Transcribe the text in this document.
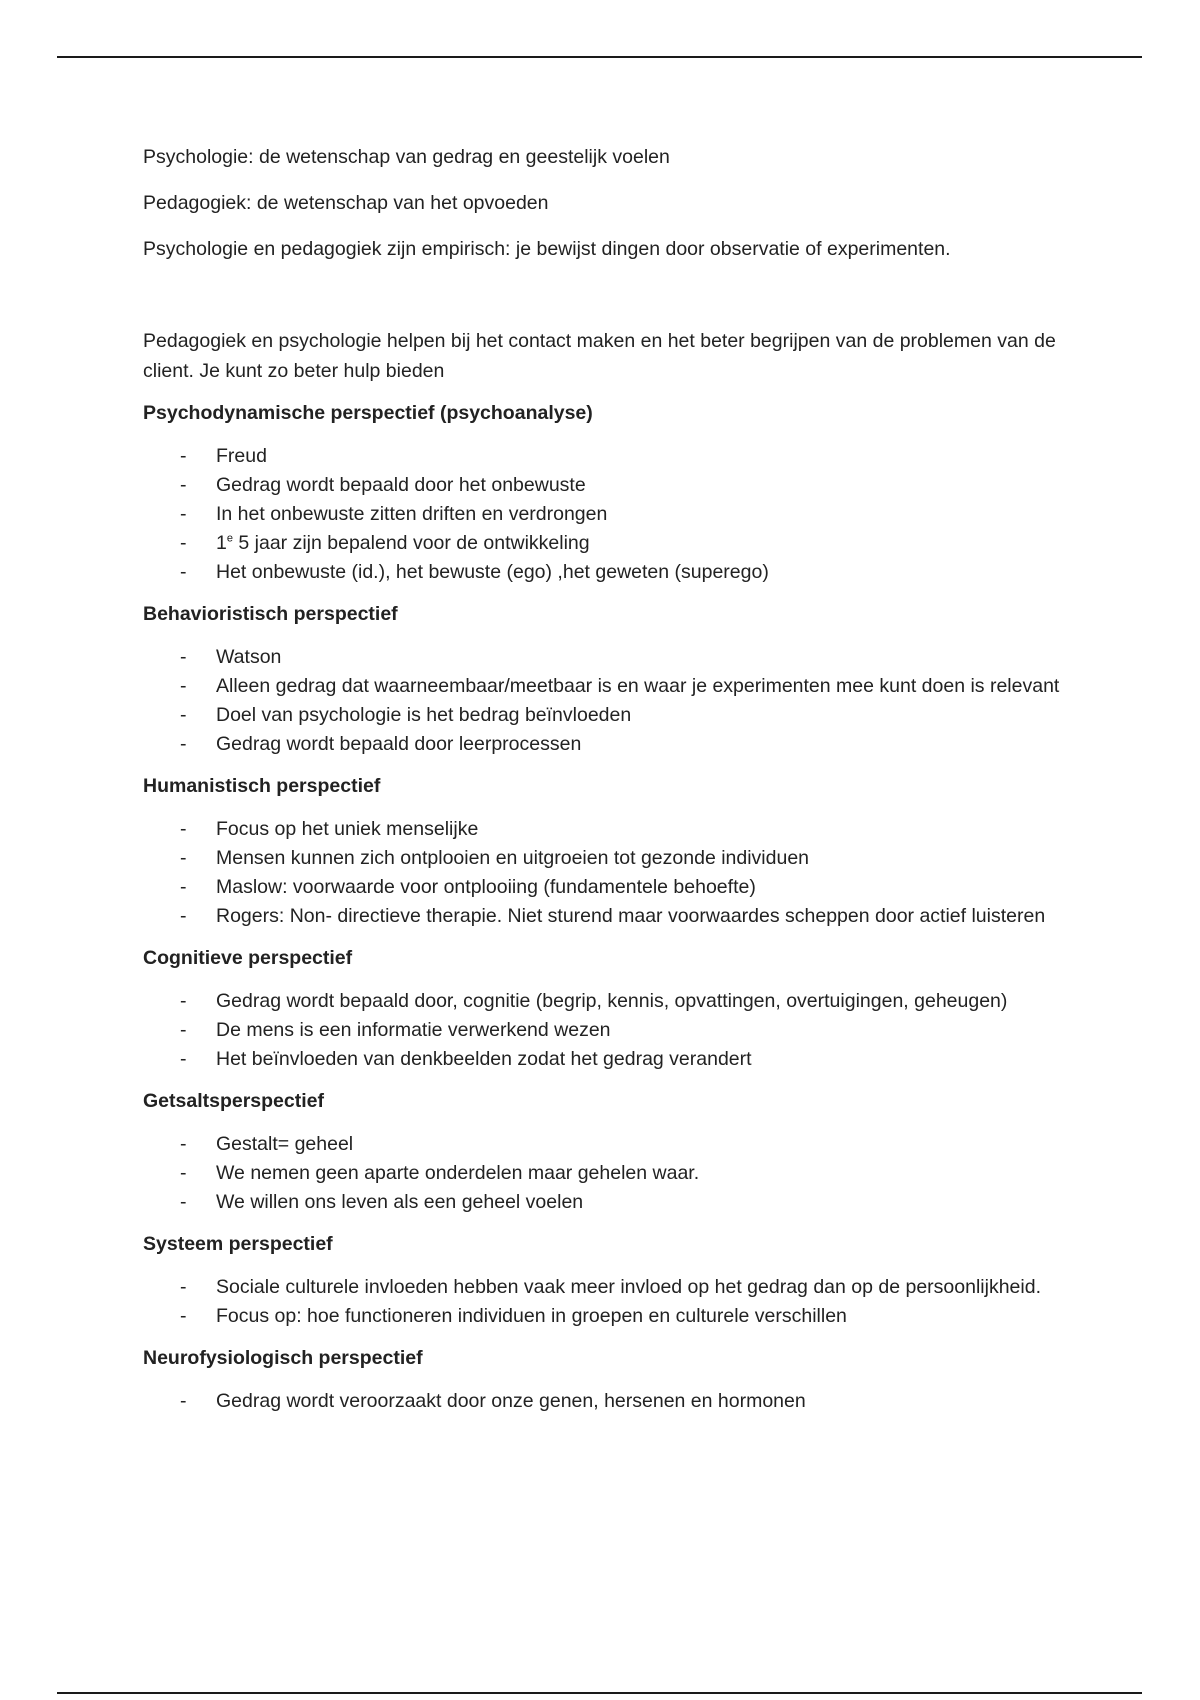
Psychologie: de wetenschap van gedrag en geestelijk voelen

Pedagogiek: de wetenschap van het opvoeden

Psychologie en pedagogiek zijn empirisch: je bewijst dingen door observatie of experimenten.

Pedagogiek en psychologie helpen bij het contact maken en het beter begrijpen van de problemen van de client. Je kunt zo beter hulp bieden

Psychodynamische perspectief (psychoanalyse)
- Freud
- Gedrag wordt bepaald door het onbewuste
- In het onbewuste zitten driften en verdrongen
- 1e 5 jaar zijn bepalend voor de ontwikkeling
- Het onbewuste (id.), het bewuste (ego) ,het geweten (superego)
Behavioristisch perspectief
- Watson
- Alleen gedrag dat waarneembaar/meetbaar is en waar je experimenten mee kunt doen is relevant
- Doel van psychologie is het bedrag beïnvloeden
- Gedrag wordt bepaald door leerprocessen
Humanistisch perspectief
- Focus op het uniek menselijke
- Mensen kunnen zich ontplooien en uitgroeien tot gezonde individuen
- Maslow: voorwaarde voor ontplooiing (fundamentele behoefte)
- Rogers: Non- directieve therapie. Niet sturend maar voorwaardes scheppen door actief luisteren
Cognitieve perspectief
- Gedrag wordt bepaald door, cognitie (begrip, kennis, opvattingen, overtuigingen, geheugen)
- De mens is een informatie verwerkend wezen
- Het beïnvloeden van denkbeelden zodat het gedrag verandert
Getsaltsperspectief
- Gestalt= geheel
- We nemen geen aparte onderdelen maar gehelen waar.
- We willen ons leven als een geheel voelen
Systeem perspectief
- Sociale culturele invloeden hebben vaak meer invloed op het gedrag dan op de persoonlijkheid.
- Focus op: hoe functioneren individuen in groepen en culturele verschillen
Neurofysiologisch perspectief
- Gedrag wordt veroorzaakt door onze genen, hersenen en hormonen
